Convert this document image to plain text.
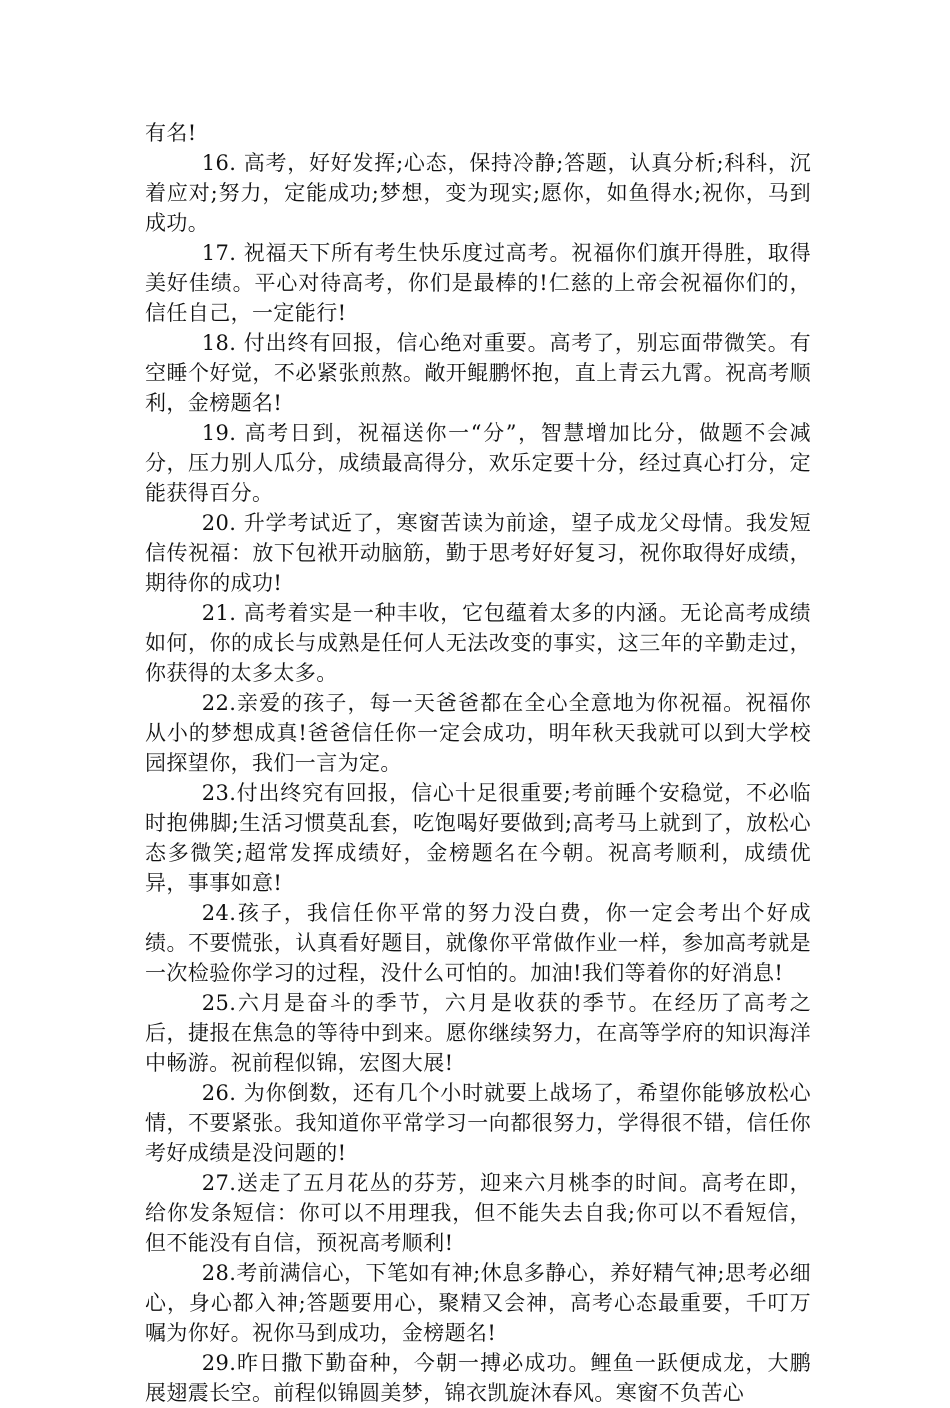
有名!

16. 高考，好好发挥;心态，保持冷静;答题，认真分析;科科，沉着应对;努力，定能成功;梦想，变为现实;愿你，如鱼得水;祝你，马到成功。

17. 祝福天下所有考生快乐度过高考。祝福你们旗开得胜，取得美好佳绩。平心对待高考，你们是最棒的!仁慈的上帝会祝福你们的，信任自己，一定能行!

18. 付出终有回报，信心绝对重要。高考了，别忘面带微笑。有空睡个好觉，不必紧张煎熬。敞开鲲鹏怀抱，直上青云九霄。祝高考顺利，金榜题名!

19. 高考日到，祝福送你一“分”，智慧增加比分，做题不会减分，压力别人瓜分，成绩最高得分，欢乐定要十分，经过真心打分，定能获得百分。

20. 升学考试近了，寒窗苦读为前途，望子成龙父母情。我发短信传祝福：放下包袱开动脑筋，勤于思考好好复习，祝你取得好成绩，期待你的成功!

21. 高考着实是一种丰收，它包蕴着太多的内涵。无论高考成绩如何，你的成长与成熟是任何人无法改变的事实，这三年的辛勤走过，你获得的太多太多。

22.亲爱的孩子，每一天爸爸都在全心全意地为你祝福。祝福你从小的梦想成真!爸爸信任你一定会成功，明年秋天我就可以到大学校园探望你，我们一言为定。

23.付出终究有回报，信心十足很重要;考前睡个安稳觉，不必临时抱佛脚;生活习惯莫乱套，吃饱喝好要做到;高考马上就到了，放松心态多微笑;超常发挥成绩好，金榜题名在今朝。祝高考顺利，成绩优异，事事如意!

24.孩子，我信任你平常的努力没白费，你一定会考出个好成绩。不要慌张，认真看好题目，就像你平常做作业一样，参加高考就是一次检验你学习的过程，没什么可怕的。加油!我们等着你的好消息!

25.六月是奋斗的季节，六月是收获的季节。在经历了高考之后，捷报在焦急的等待中到来。愿你继续努力，在高等学府的知识海洋中畅游。祝前程似锦，宏图大展!

26. 为你倒数，还有几个小时就要上战场了，希望你能够放松心情，不要紧张。我知道你平常学习一向都很努力，学得很不错，信任你考好成绩是没问题的!

27.送走了五月花丛的芬芳，迎来六月桃李的时间。高考在即，给你发条短信：你可以不用理我，但不能失去自我;你可以不看短信，但不能没有自信，预祝高考顺利!

28.考前满信心，下笔如有神;休息多静心，养好精气神;思考必细心，身心都入神;答题要用心，聚精又会神，高考心态最重要，千叮万嘱为你好。祝你马到成功，金榜题名!

29.昨日撒下勤奋种，今朝一搏必成功。鲤鱼一跃便成龙，大鹏展翅震长空。前程似锦圆美梦，锦衣凯旋沐春风。寒窗不负苦心
